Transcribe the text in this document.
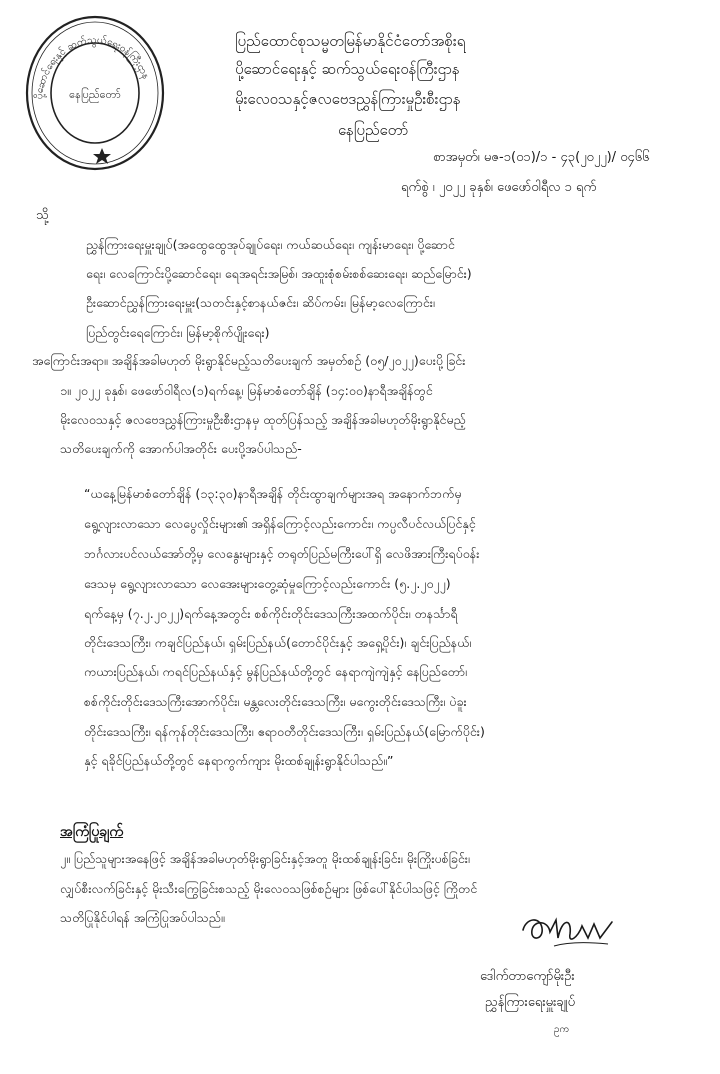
ပို့ဆောင်ရေးနှင့် ဆက်သွယ်ရေးဝန်ကြီးဌာန
နေပြည်တော်
ပြည်ထောင်စုသမ္မတမြန်မာနိုင်ငံတော်အစိုးရ
ပို့ဆောင်ရေးနှင့် ဆက်သွယ်ရေးဝန်ကြီးဌာန
မိုးလေဝသနှင့်ဇလဗေဒညွှန်ကြားမှုဦးစီးဌာန
နေပြည်တော်
စာအမှတ်၊ မဇ-၁(၀၁)/၁ - ၄၃(၂၀၂၂)/ ၀၄၆၆
ရက်စွဲ ၊ ၂၀၂၂ ခုနှစ်၊ ဖေဖော်ဝါရီလ ၁ ရက်
သို့
ညွှန်ကြားရေးမှူးချုပ်(အထွေထွေအုပ်ချုပ်ရေး၊ ကယ်ဆယ်ရေး၊ ကျန်းမာရေး၊ ပို့ဆောင်
ရေး၊ လေကြောင်းပို့ဆောင်ရေး၊ ရေအရင်းအမြစ်၊ အထူးစုံစမ်းစစ်ဆေးရေး၊ ဆည်မြောင်း)
ဦးဆောင်ညွှန်ကြားရေးမှူး(သတင်းနှင့်စာနယ်ဇင်း၊ ဆိပ်ကမ်း၊ မြန်မာ့လေကြောင်း၊
ပြည်တွင်းရေကြောင်း၊ မြန်မာ့စိုက်ပျိုးရေး)
အကြောင်းအရာ။ အချိန်အခါမဟုတ် မိုးရွာနိုင်မည့်သတိပေးချက် အမှတ်စဉ် (၀၅/၂၀၂၂)ပေးပို့ခြင်း
၁။ ၂၀၂၂ ခုနှစ်၊ ဖေဖော်ဝါရီလ(၁)ရက်နေ့၊ မြန်မာစံတော်ချိန် (၁၄:၀၀)နာရီအချိန်တွင်
မိုးလေဝသနှင့် ဇလဗေဒညွှန်ကြားမှုဦးစီးဌာနမှ ထုတ်ပြန်သည့် အချိန်အခါမဟုတ်မိုးရွာနိုင်မည့်
သတိပေးချက်ကို အောက်ပါအတိုင်း ပေးပို့အပ်ပါသည်-
“ယနေ့မြန်မာစံတော်ချိန် (၁၃:၃၀)နာရီအချိန် တိုင်းထွာချက်များအရ အနောက်ဘက်မှ
ရွေ့လျားလာသော လေပွေလှိုင်းများ၏ အရှိန်ကြောင့်လည်းကောင်း၊ ကပ္ပလီပင်လယ်ပြင်နှင့်
ဘင်္ဂလားပင်လယ်အော်တို့မှ လေနွေးများနှင့် တရုတ်ပြည်မကြီးပေါ်ရှိ လေဖိအားကြီးရပ်ဝန်း
ဒေသမှ ရွေ့လျားလာသော လေအေးများတွေ့ဆုံမှုကြောင့်လည်းကောင်း (၅.၂.၂၀၂၂)
ရက်နေ့မှ (၇.၂.၂၀၂၂)ရက်နေ့အတွင်း စစ်ကိုင်းတိုင်းဒေသကြီးအထက်ပိုင်း၊ တနင်္သာရီ
တိုင်းဒေသကြီး၊ ကချင်ပြည်နယ်၊ ရှမ်းပြည်နယ်(တောင်ပိုင်းနှင့် အရှေ့ပိုင်း)၊ ချင်းပြည်နယ်၊
ကယားပြည်နယ်၊ ကရင်ပြည်နယ်နှင့် မွန်ပြည်နယ်တို့တွင် နေရာကျဲကျဲနှင့် နေပြည်တော်၊
စစ်ကိုင်းတိုင်းဒေသကြီးအောက်ပိုင်း၊ မန္တလေးတိုင်းဒေသကြီး၊ မကွေးတိုင်းဒေသကြီး၊ ပဲခူး
တိုင်းဒေသကြီး၊ ရန်ကုန်တိုင်းဒေသကြီး၊ ဧရာဝတီတိုင်းဒေသကြီး၊ ရှမ်းပြည်နယ်(မြောက်ပိုင်း)
နှင့် ရခိုင်ပြည်နယ်တို့တွင် နေရာကွက်ကျား မိုးထစ်ချုန်းရွာနိုင်ပါသည်။”
အကြံပြုချက်
၂။ ပြည်သူများအနေဖြင့် အချိန်အခါမဟုတ်မိုးရွာခြင်းနှင့်အတူ မိုးထစ်ချုန်းခြင်း၊ မိုးကြိုးပစ်ခြင်း၊
လျှပ်စီးလက်ခြင်းနှင့် မိုးသီးကြွေခြင်းစသည့် မိုးလေဝသဖြစ်စဉ်များ ဖြစ်ပေါ်နိုင်ပါသဖြင့် ကြိုတင်
သတိပြုနိုင်ပါရန် အကြံပြုအပ်ပါသည်။
ဒေါက်တာကျော်မိုးဦး
ညွှန်ကြားရေးမှူးချုပ်
ဥက
